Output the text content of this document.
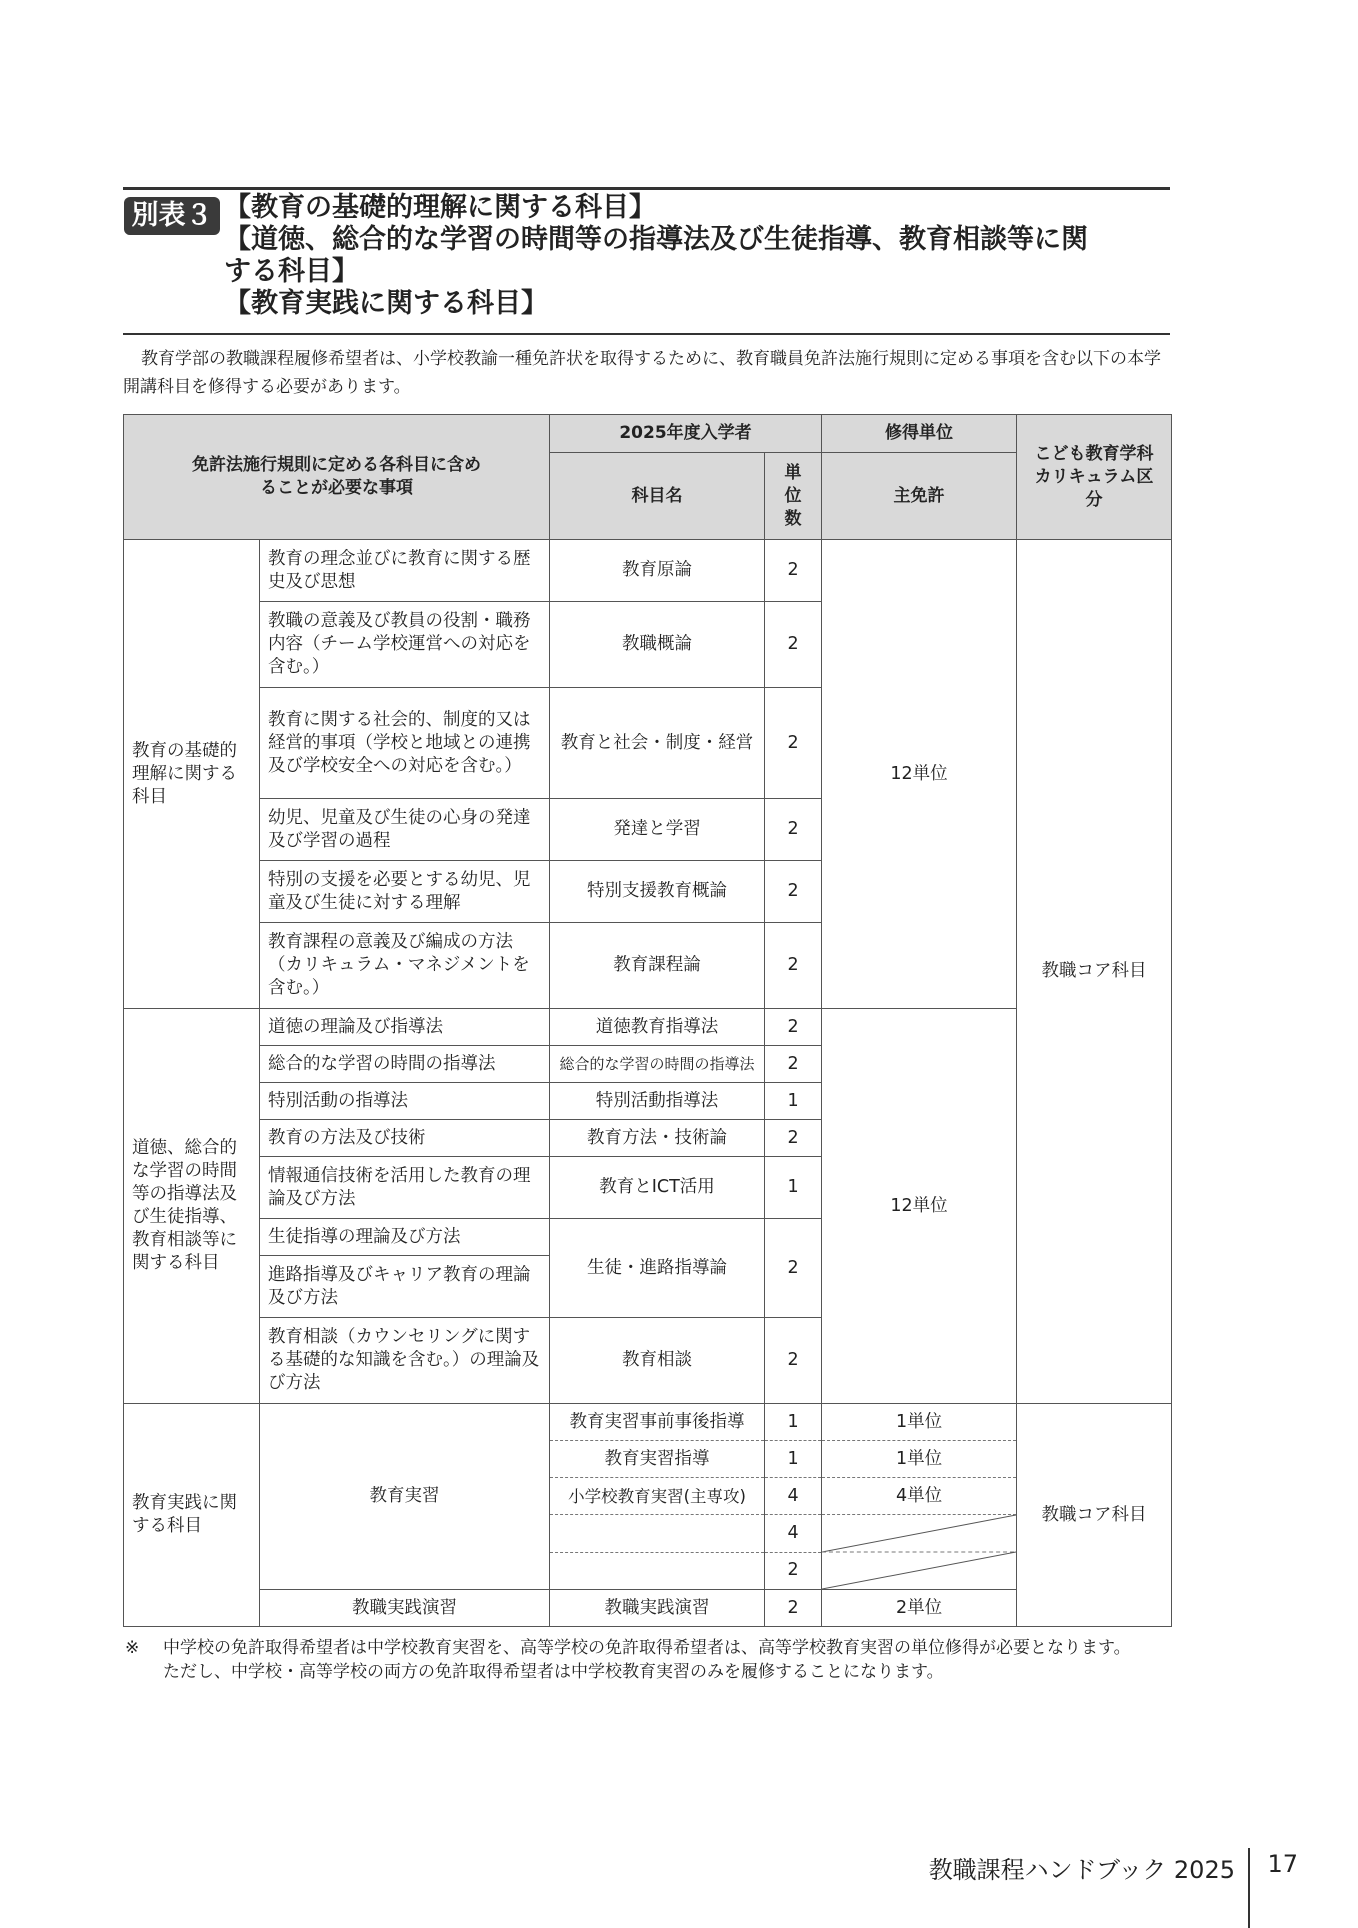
別表３ 【教育の基礎的理解に関する科目】
【道徳、総合的な学習の時間等の指導法及び生徒指導、教育相談等に関
する科目】
【教育実践に関する科目】
教育学部の教職課程履修希望者は、小学校教諭一種免許状を取得するために、教育職員免許法施行規則に定める事項を含む以下の本学開講科目を修得する必要があります。
免許法施行規則に定める各科目に含めることが必要な事項		2025年度入学者		修得単位	こども教育学科カリキュラム区分
		科目名	単位数	主免許	
教育の基礎的理解に関する科目	教育の理念並びに教育に関する歴史及び思想	教育原論	2	12単位	教職コア科目
	教職の意義及び教員の役割・職務内容（チーム学校運営への対応を含む。）	教職概論	2		
	教育に関する社会的、制度的又は経営的事項（学校と地域との連携及び学校安全への対応を含む。）	教育と社会・制度・経営	2		
	幼児、児童及び生徒の心身の発達及び学習の過程	発達と学習	2		
	特別の支援を必要とする幼児、児童及び生徒に対する理解	特別支援教育概論	2		
	教育課程の意義及び編成の方法（カリキュラム・マネジメントを含む。）	教育課程論	2		
道徳、総合的な学習の時間等の指導法及び生徒指導、教育相談等に関する科目	道徳の理論及び指導法	道徳教育指導法	2	12単位	
	総合的な学習の時間の指導法	総合的な学習の時間の指導法	2		
	特別活動の指導法	特別活動指導法	1		
	教育の方法及び技術	教育方法・技術論	2		
	情報通信技術を活用した教育の理論及び方法	教育とICT活用	1		
	生徒指導の理論及び方法	生徒・進路指導論	2		
	進路指導及びキャリア教育の理論及び方法				
	教育相談（カウンセリングに関する基礎的な知識を含む。）の理論及び方法	教育相談	2		
教育実践に関する科目	教育実習	教育実習事前事後指導	1	1単位	教職コア科目
		教育実習指導	1	1単位	
		小学校教育実習(主専攻)	4	4単位	
			4	

			2		
	教職実践演習	教職実践演習	2	2単位	
※ 中学校の免許取得希望者は中学校教育実習を、高等学校の免許取得希望者は、高等学校教育実習の単位修得が必要となります。
ただし、中学校・高等学校の両方の免許取得希望者は中学校教育実習のみを履修することになります。
教職課程ハンドブック 2025 17
